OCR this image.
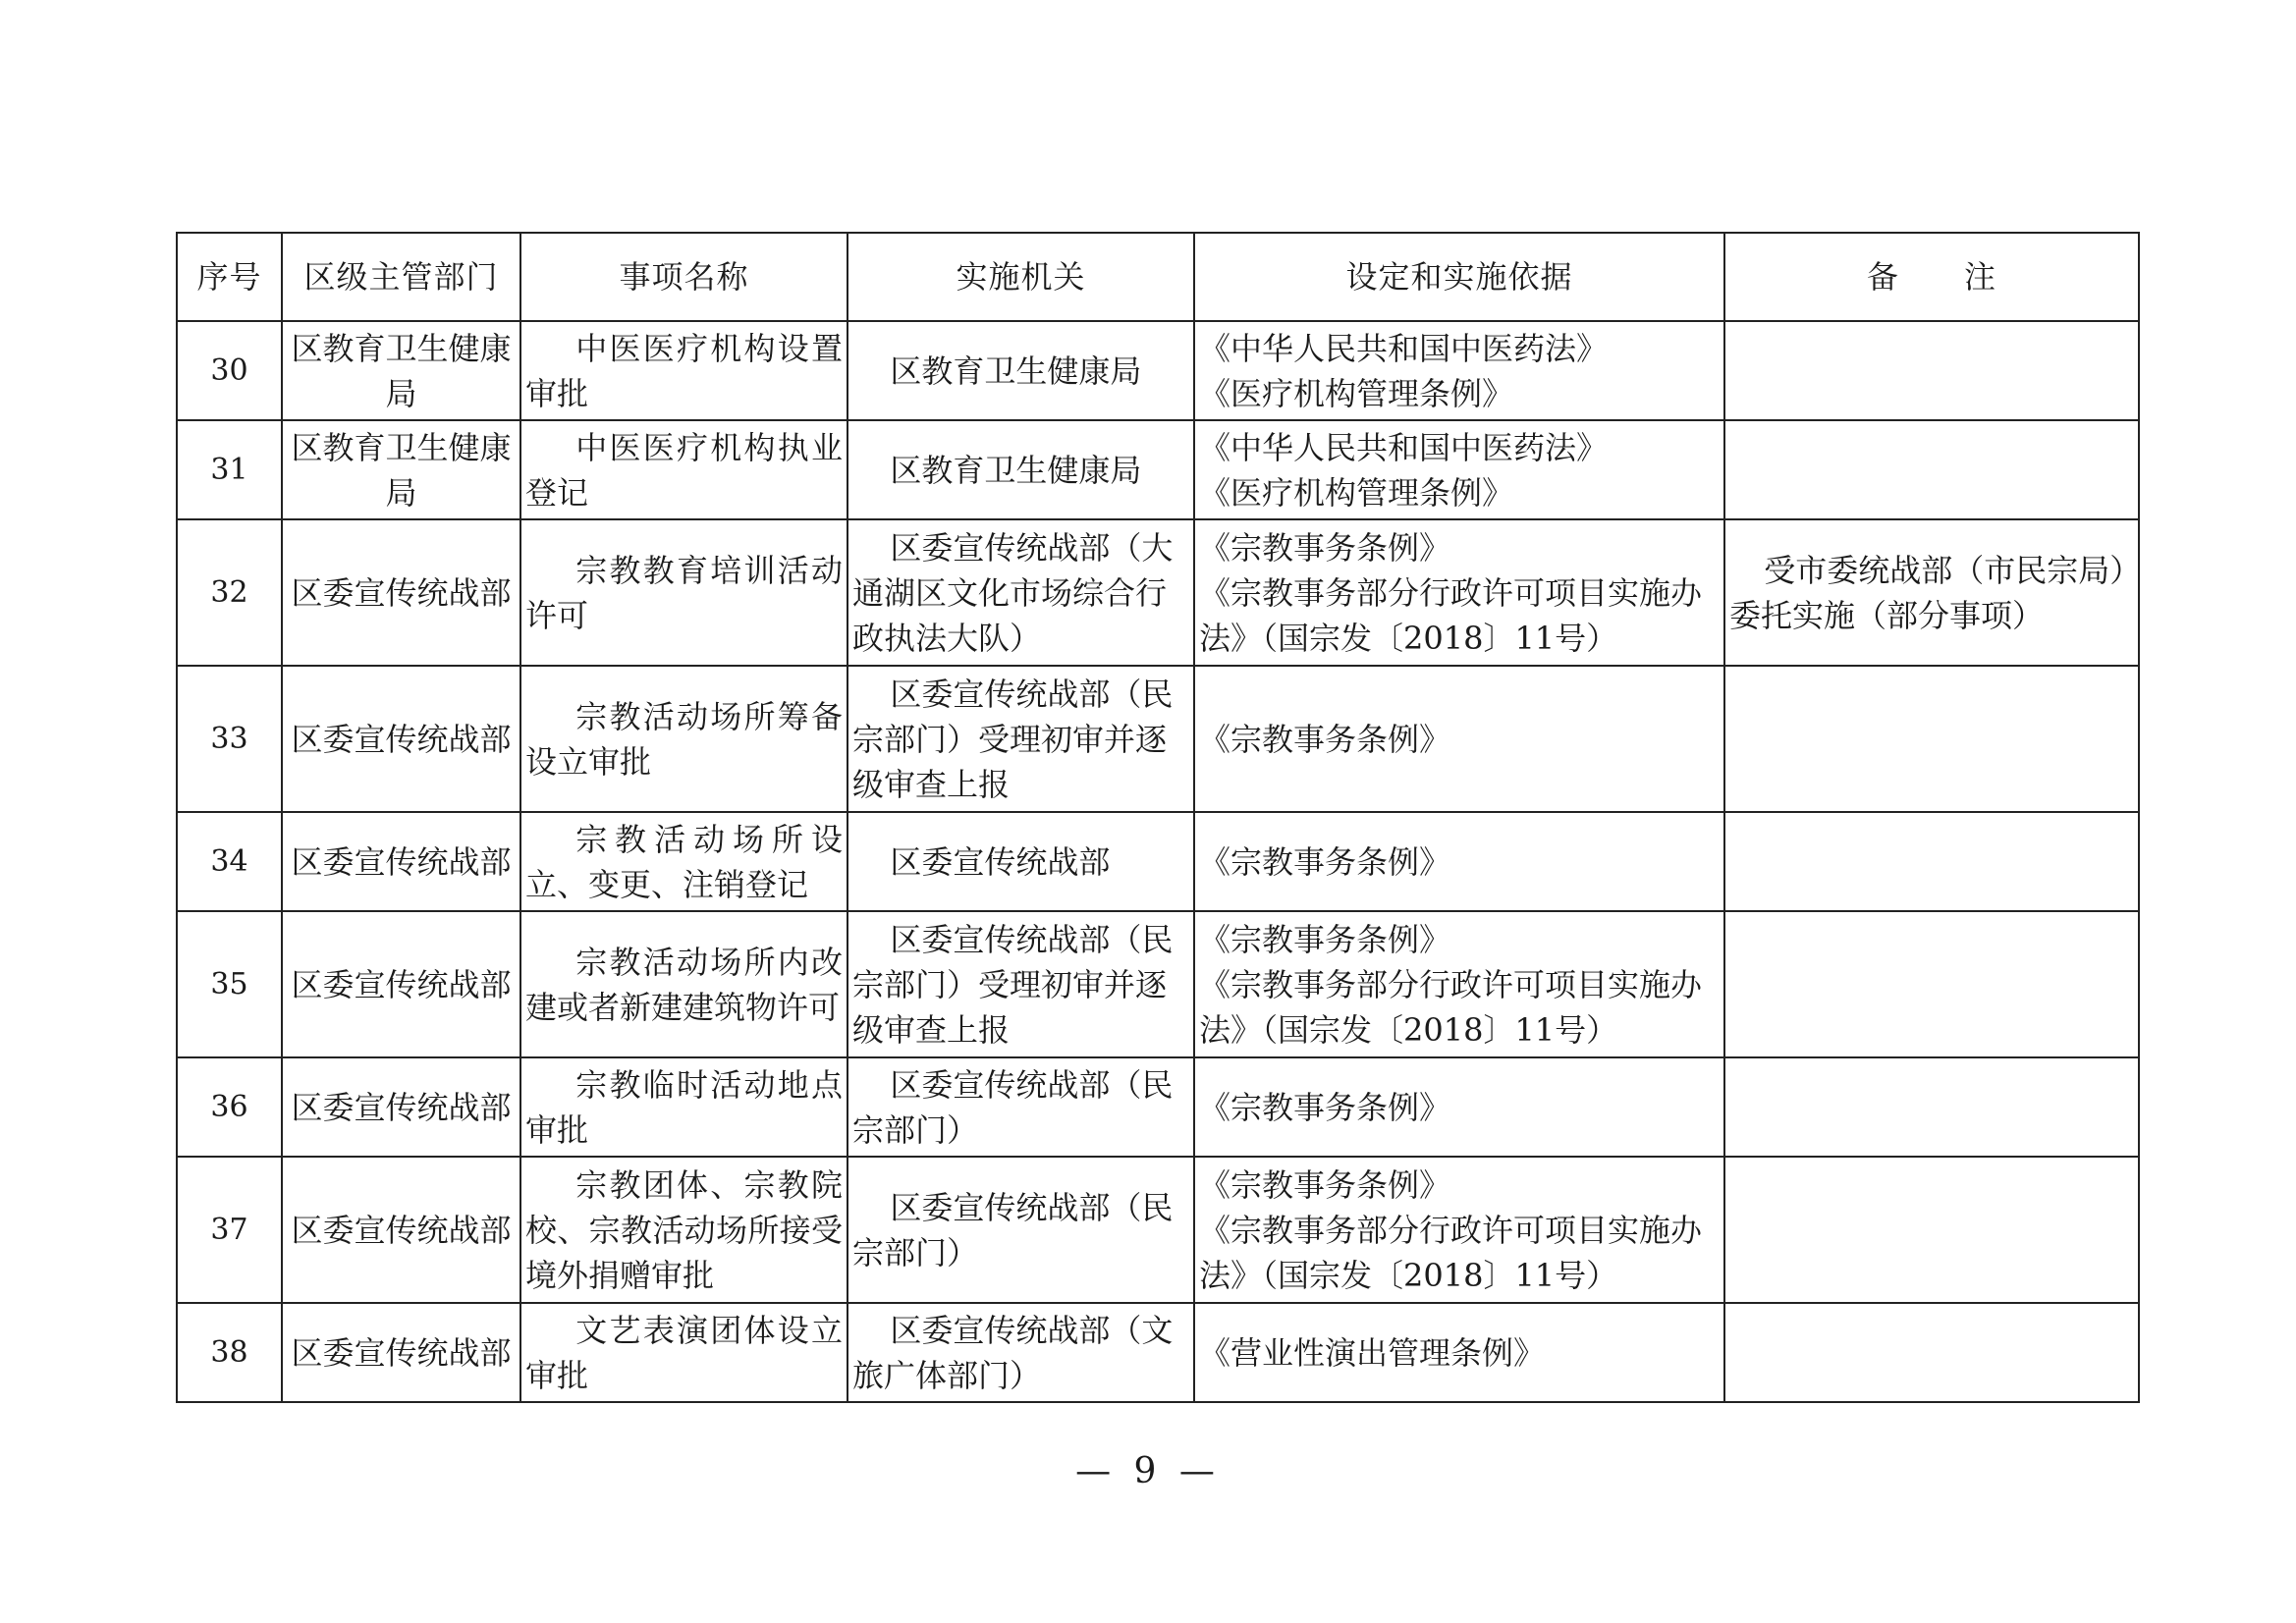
序号	区级主管部门	事项名称	实施机关	设定和实施依据	备　　注
30	区教育卫生健康局	中医医疗机构设置审批	区教育卫生健康局	《中华人民共和国中医药法》
《医疗机构管理条例》	

31	区教育卫生健康局	中医医疗机构执业登记	区教育卫生健康局	《中华人民共和国中医药法》
《医疗机构管理条例》	

32	区委宣传统战部	宗教教育培训活动许可	区委宣传统战部（大通湖区文化市场综合行政执法大队）	《宗教事务条例》
《宗教事务部分行政许可项目实施办法》（国宗发〔2018〕11号）	受市委统战部（市民宗局）委托实施（部分事项）

33	区委宣传统战部	宗教活动场所筹备设立审批	区委宣传统战部（民宗部门）受理初审并逐级审查上报	《宗教事务条例》	

34	区委宣传统战部	宗教活动场所设立、变更、注销登记	区委宣传统战部	《宗教事务条例》	

35	区委宣传统战部	宗教活动场所内改建或者新建建筑物许可	区委宣传统战部（民宗部门）受理初审并逐级审查上报	《宗教事务条例》
《宗教事务部分行政许可项目实施办法》（国宗发〔2018〕11号）	

36	区委宣传统战部	宗教临时活动地点审批	区委宣传统战部（民宗部门）	《宗教事务条例》	

37	区委宣传统战部	宗教团体、宗教院校、宗教活动场所接受境外捐赠审批	区委宣传统战部（民宗部门）	《宗教事务条例》
《宗教事务部分行政许可项目实施办法》（国宗发〔2018〕11号）	

38	区委宣传统战部	文艺表演团体设立审批	区委宣传统战部（文旅广体部门）	《营业性演出管理条例》	

— 9 —
